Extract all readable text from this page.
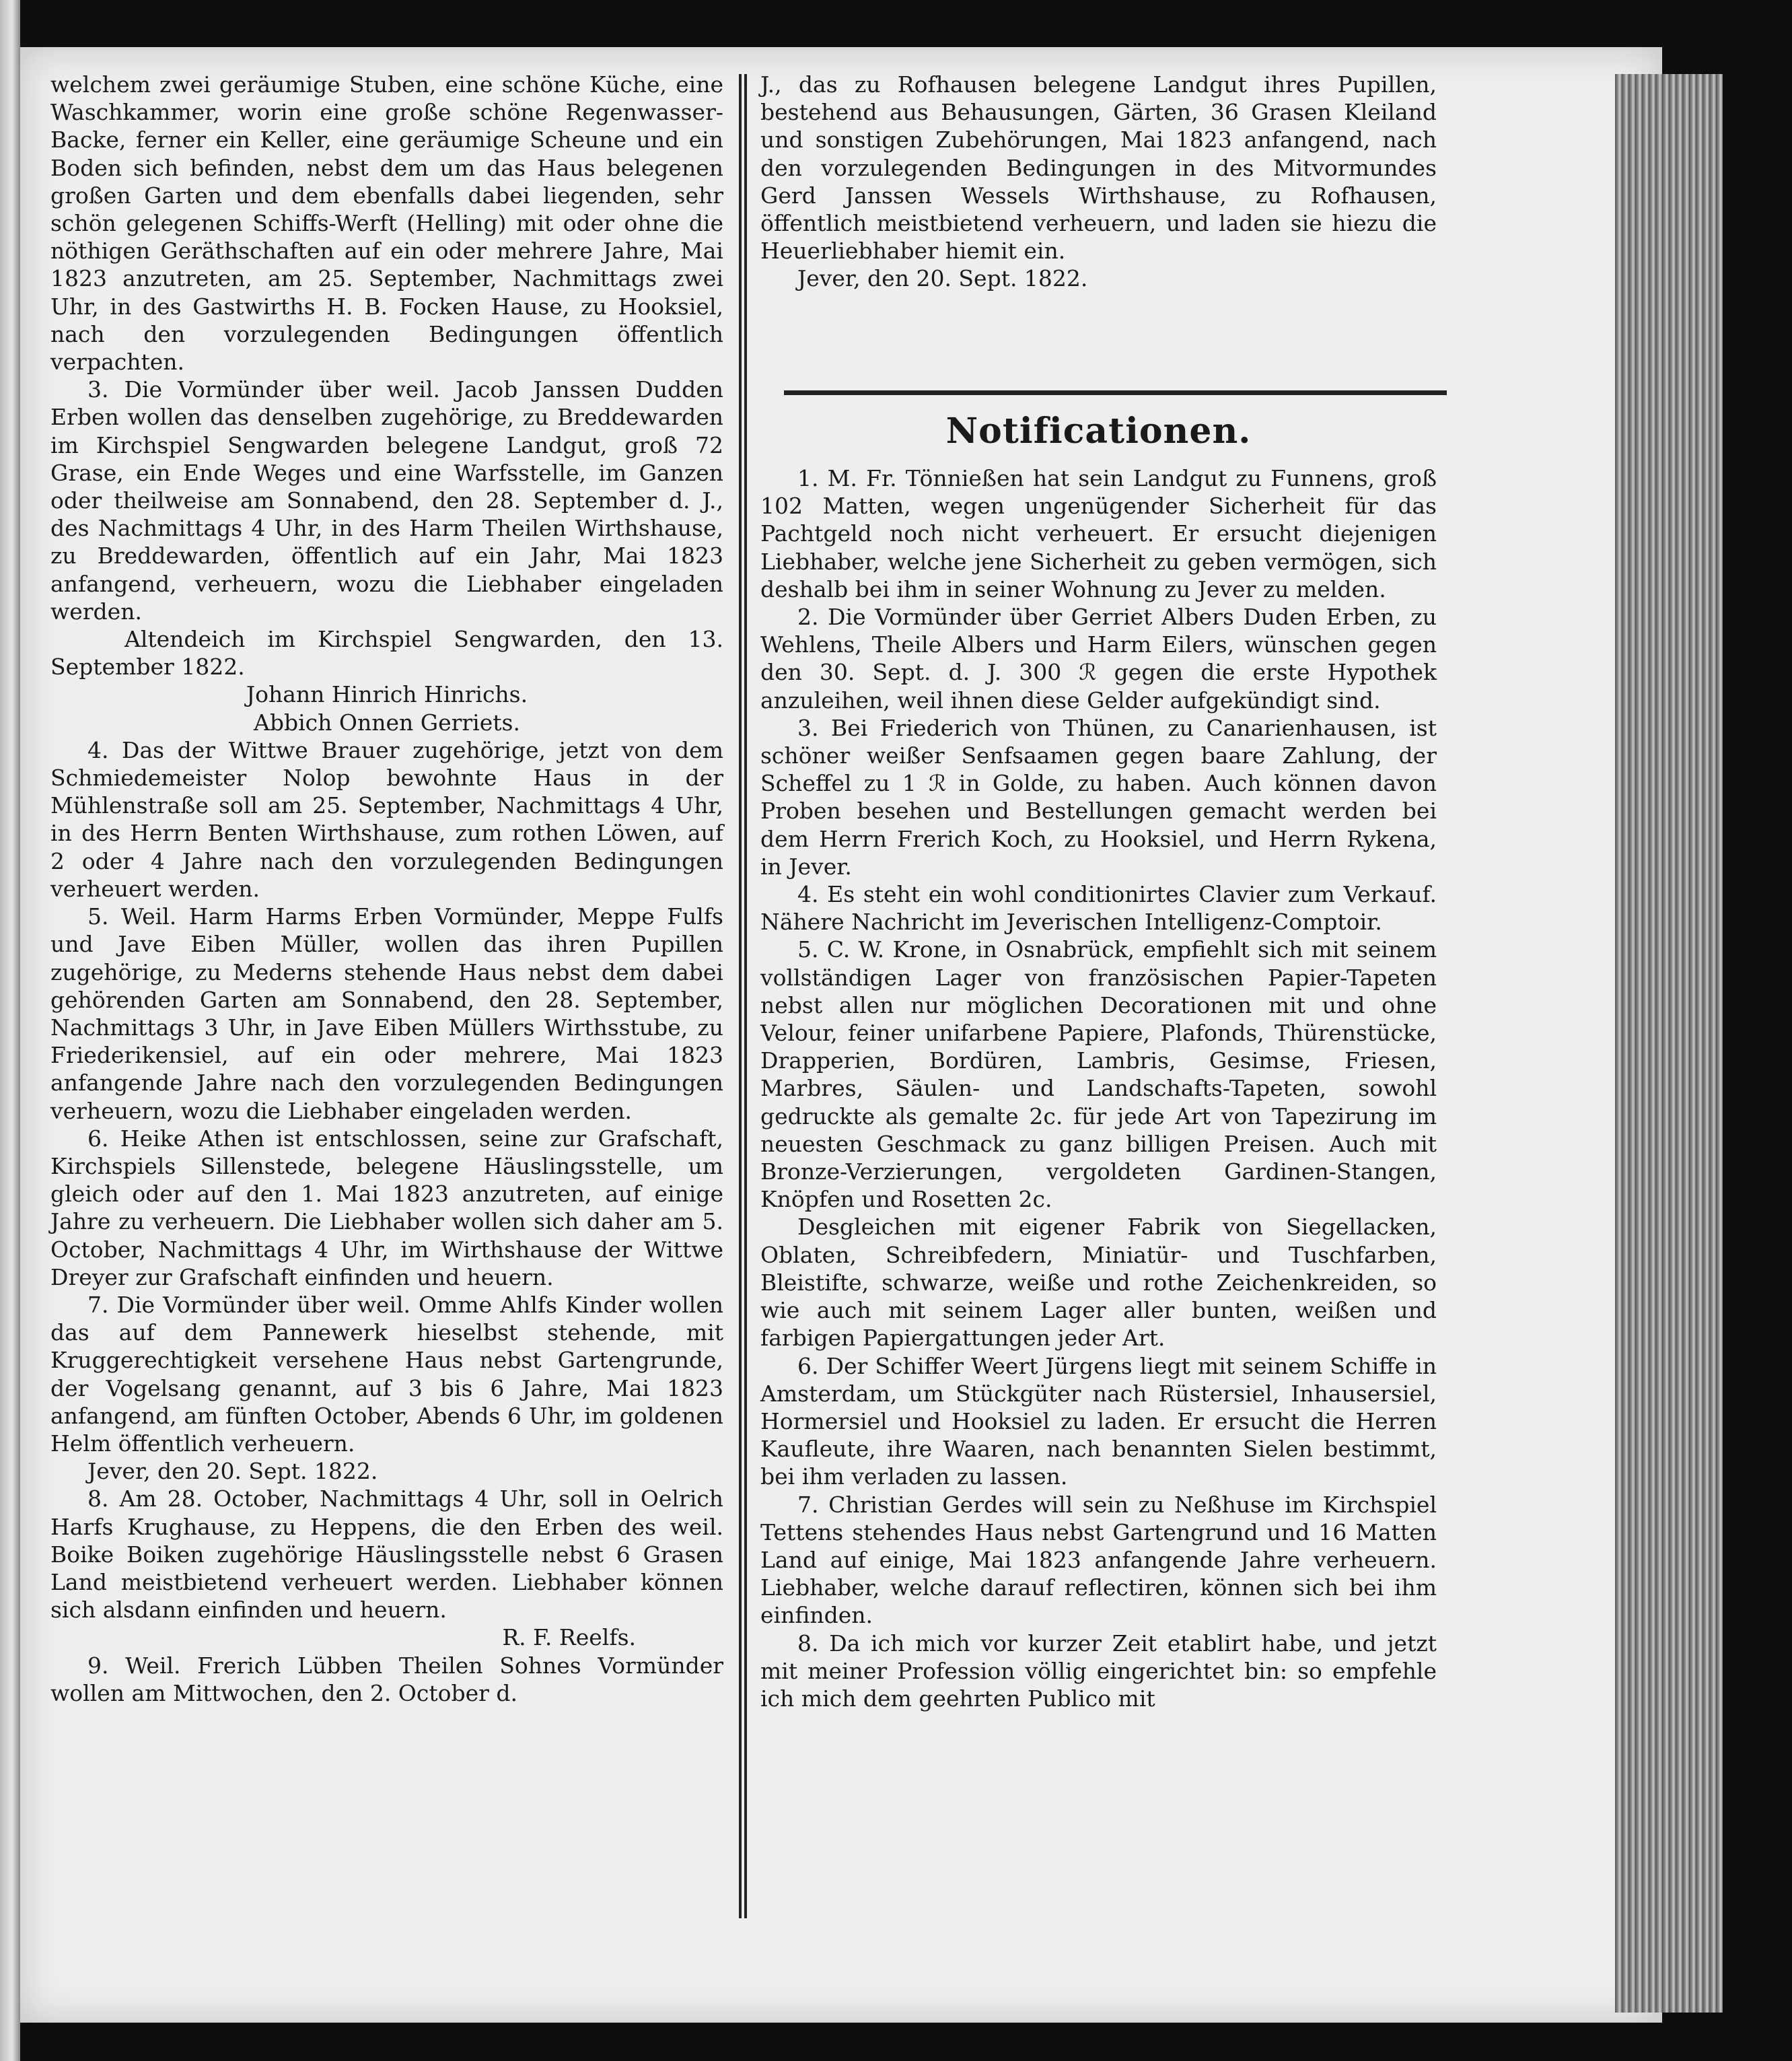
welchem zwei geräumige Stuben, eine schöne Küche, eine Waschkammer, worin eine große schöne Regenwasser-Backe, ferner ein Keller, eine geräumige Scheune und ein Boden sich befinden, nebst dem um das Haus belegenen großen Garten und dem ebenfalls dabei liegenden, sehr schön gelegenen Schiffs-Werft (Helling) mit oder ohne die nöthigen Geräthschaften auf ein oder mehrere Jahre, Mai 1823 anzutreten, am 25. September, Nachmittags zwei Uhr, in des Gastwirths H. B. Focken Hause, zu Hooksiel, nach den vorzulegenden Bedingungen öffentlich verpachten.

3. Die Vormünder über weil. Jacob Janssen Dudden Erben wollen das denselben zugehörige, zu Breddewarden im Kirchspiel Sengwarden belegene Landgut, groß 72 Grase, ein Ende Weges und eine Warfsstelle, im Ganzen oder theilweise am Sonnabend, den 28. September d. J., des Nachmittags 4 Uhr, in des Harm Theilen Wirthshause, zu Breddewarden, öffentlich auf ein Jahr, Mai 1823 anfangend, verheuern, wozu die Liebhaber eingeladen werden.

Altendeich im Kirchspiel Sengwarden, den 13. September 1822.

Johann Hinrich Hinrichs.

Abbich Onnen Gerriets.

4. Das der Wittwe Brauer zugehörige, jetzt von dem Schmiedemeister Nolop bewohnte Haus in der Mühlenstraße soll am 25. September, Nachmittags 4 Uhr, in des Herrn Benten Wirthshause, zum rothen Löwen, auf 2 oder 4 Jahre nach den vorzulegenden Bedingungen verheuert werden.

5. Weil. Harm Harms Erben Vormünder, Meppe Fulfs und Jave Eiben Müller, wollen das ihren Pupillen zugehörige, zu Mederns stehende Haus nebst dem dabei gehörenden Garten am Sonnabend, den 28. September, Nachmittags 3 Uhr, in Jave Eiben Müllers Wirthsstube, zu Friederikensiel, auf ein oder mehrere, Mai 1823 anfangende Jahre nach den vorzulegenden Bedingungen verheuern, wozu die Liebhaber eingeladen werden.

6. Heike Athen ist entschlossen, seine zur Grafschaft, Kirchspiels Sillenstede, belegene Häuslingsstelle, um gleich oder auf den 1. Mai 1823 anzutreten, auf einige Jahre zu verheuern. Die Liebhaber wollen sich daher am 5. October, Nachmittags 4 Uhr, im Wirthshause der Wittwe Dreyer zur Grafschaft einfinden und heuern.

7. Die Vormünder über weil. Omme Ahlfs Kinder wollen das auf dem Pannewerk hieselbst stehende, mit Kruggerechtigkeit versehene Haus nebst Gartengrunde, der Vogelsang genannt, auf 3 bis 6 Jahre, Mai 1823 anfangend, am fünften October, Abends 6 Uhr, im goldenen Helm öffentlich verheuern.

Jever, den 20. Sept. 1822.

8. Am 28. October, Nachmittags 4 Uhr, soll in Oelrich Harfs Krughause, zu Heppens, die den Erben des weil. Boike Boiken zugehörige Häuslingsstelle nebst 6 Grasen Land meistbietend verheuert werden. Liebhaber können sich alsdann einfinden und heuern.

R. F. Reelfs.

9. Weil. Frerich Lübben Theilen Sohnes Vormünder wollen am Mittwochen, den 2. October d.

J., das zu Rofhausen belegene Landgut ihres Pupillen, bestehend aus Behausungen, Gärten, 36 Grasen Kleiland und sonstigen Zubehörungen, Mai 1823 anfangend, nach den vorzulegenden Bedingungen in des Mitvormundes Gerd Janssen Wessels Wirthshause, zu Rofhausen, öffentlich meistbietend verheuern, und laden sie hiezu die Heuerliebhaber hiemit ein.

Jever, den 20. Sept. 1822.

Notificationen.

1. M. Fr. Tönnießen hat sein Landgut zu Funnens, groß 102 Matten, wegen ungenügender Sicherheit für das Pachtgeld noch nicht verheuert. Er ersucht diejenigen Liebhaber, welche jene Sicherheit zu geben vermögen, sich deshalb bei ihm in seiner Wohnung zu Jever zu melden.

2. Die Vormünder über Gerriet Albers Duden Erben, zu Wehlens, Theile Albers und Harm Eilers, wünschen gegen den 30. Sept. d. J. 300 ℛ gegen die erste Hypothek anzuleihen, weil ihnen diese Gelder aufgekündigt sind.

3. Bei Friederich von Thünen, zu Canarienhausen, ist schöner weißer Senfsaamen gegen baare Zahlung, der Scheffel zu 1 ℛ in Golde, zu haben. Auch können davon Proben besehen und Bestellungen gemacht werden bei dem Herrn Frerich Koch, zu Hooksiel, und Herrn Rykena, in Jever.

4. Es steht ein wohl conditionirtes Clavier zum Verkauf. Nähere Nachricht im Jeverischen Intelligenz-Comptoir.

5. C. W. Krone, in Osnabrück, empfiehlt sich mit seinem vollständigen Lager von französischen Papier-Tapeten nebst allen nur möglichen Decorationen mit und ohne Velour, feiner unifarbene Papiere, Plafonds, Thürenstücke, Drapperien, Bordüren, Lambris, Gesimse, Friesen, Marbres, Säulen- und Landschafts-Tapeten, sowohl gedruckte als gemalte 2c. für jede Art von Tapezirung im neuesten Geschmack zu ganz billigen Preisen. Auch mit Bronze-Verzierungen, vergoldeten Gardinen-Stangen, Knöpfen und Rosetten 2c.

Desgleichen mit eigener Fabrik von Siegellacken, Oblaten, Schreibfedern, Miniatür- und Tuschfarben, Bleistifte, schwarze, weiße und rothe Zeichenkreiden, so wie auch mit seinem Lager aller bunten, weißen und farbigen Papiergattungen jeder Art.

6. Der Schiffer Weert Jürgens liegt mit seinem Schiffe in Amsterdam, um Stückgüter nach Rüstersiel, Inhausersiel, Hormersiel und Hooksiel zu laden. Er ersucht die Herren Kaufleute, ihre Waaren, nach benannten Sielen bestimmt, bei ihm verladen zu lassen.

7. Christian Gerdes will sein zu Neßhuse im Kirchspiel Tettens stehendes Haus nebst Gartengrund und 16 Matten Land auf einige, Mai 1823 anfangende Jahre verheuern. Liebhaber, welche darauf reflectiren, können sich bei ihm einfinden.

8. Da ich mich vor kurzer Zeit etablirt habe, und jetzt mit meiner Profession völlig eingerichtet bin: so empfehle ich mich dem geehrten Publico mit
